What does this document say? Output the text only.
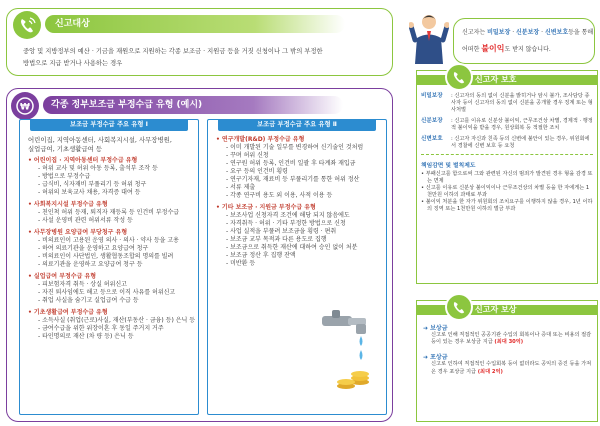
신고대상
중앙 및 지방정부의 예산 · 기금을 재원으로 지원하는 각종 보조금 · 지원금 등을 거짓 신청이나 그 밖의 부정한
방법으로 지급 받거나 사용하는 경우
₩	각종 정부보조금 부정수급 유형 (예시)
보조금 부정수급 주요 유형 Ⅰ
어린이집, 지역아동센터, 사회복지시설, 사무장병원,
실업급여, 기초생활급여 등
• 어린이집 · 지역아동센터 부정수급 유형
- 허위 교사 및 허위 아동 등록, 출석부 조작 등
- 방법으로 부정수급
- 급식비, 식자재비 부풀리기 등 허위 청구
- 허위의 보육교사 채용, 자격증 대여 등
• 사회복지시설 부정수급 유형
- 친인척 허위 등재, 퇴직자 재등록 등 인건비 부정수급
- 사설 운영비 관련 허위서류 작성 등
• 사무장병원 요양급여 부당청구 유형
- 비의료인이 고용된 운영 의사 · 의사 · 약사 등을 고용
- 하여 의료기관을 운영하고 요양급여 청구
- 비의료인이 사단법인, 생활협동조합의 명의를 빌려
- 의료기관을 운영하고 요양급여 청구 등
• 실업급여 부정수급 유형
- 피보험자격 취득 · 상실 허위신고
- 자진 퇴사임에도 해고 등으로 이직 사유를 허위신고
- 취업 사실을 숨기고 실업급여 수급 등
• 기초생활급여 부정수급 유형
- 소득사실 (취업(근로)사실, 재산(부동산 · 금융) 등) 은닉 등
- 금여수급을 위한 위장이혼 후 동일 주거지 거주
- 타인명의로 재산 (차 량 등) 은닉 등
보조금 부정수급 주요 유형 Ⅱ
• 연구개발(R&D) 부정수급 유형
- 이미 개발된 기술 일부를 변경하여 신기술인 것처럼
- 꾸며 허위 신청
- 연구원 허위 등록, 인건비 일괄 후 타계좌 재입금
- 요구 등의 인건비 횡령
- 연구기자재, 재료비 등 부풀리기를 통한 허위 정산
- 서류 제출
- 각종 연구비 용도 외 이용, 사적 이용 등
• 기타 보조금 · 지원금 부정수급 유형
- 보조사업 신청자격 조건에 해당 되지 않음에도
- 자격취득 · 허위 · 기타 부정한 방법으로 신청
- 사업 실적을 부풀려 보조금을 횡령 · 편취
- 보조금 교부 목적과 다른 용도로 집행
- 보조금으로 취득한 재산에 대하여 승인 없이 처분
- 보조금 정산 후 집행 잔액
- 미반환 등
신고자는 비밀보장 · 신분보장 · 신변보호등을 통해
어떠한 불이익도 받지 않습니다.
신고자 보호
비밀보장	: 신고자의 동의 없이 신분을 밝히거나 암시 불가, 조사담당 종사자 등이 신고자의 동의 없이 신분을 공개할 경우 징계 또는 형사처벌
신분보장	: 신고를 이유로 신분상 불이익, 근무조건상 차별, 경제적 · 행정적 불이익을 받을 경우, 원상회복 등 적절한 조치
신변보호	: 신고자 자신과 친족 등의 신변에 불안이 있는 경우, 위원회에서 경찰에 신변 보호 등 요청
책임감면 및 벌칙제도
• 부패신고를 함으로써 그와 관련된 자신의 범죄가 발견된 경우 형을 감경 또는 면제
• 신고를 이유로 신분상 불이익이나 근무조건상의 차별 등을 한 자에게는 1천만원 이하의 과태료 부과
• 불이익 처분을 한 자가 위원회의 조치요구를 이행하지 않을 경우, 1년 이하의 징역 또는 1천만원 이하의 벌금 부과
신고자 보상
➜ 보상금
신고로 인해 직접적인 공공기관 수입의 회복이나 증대 또는 비용의 절감 등이 있는 경우 보상금 지급 (최대 30억)
➜ 포상금
신고로 인하여 직접적인 수입회복 등이 없더라도 공익의 증진 등을 가져온 경우 포상금 지급 (최대 2억)
